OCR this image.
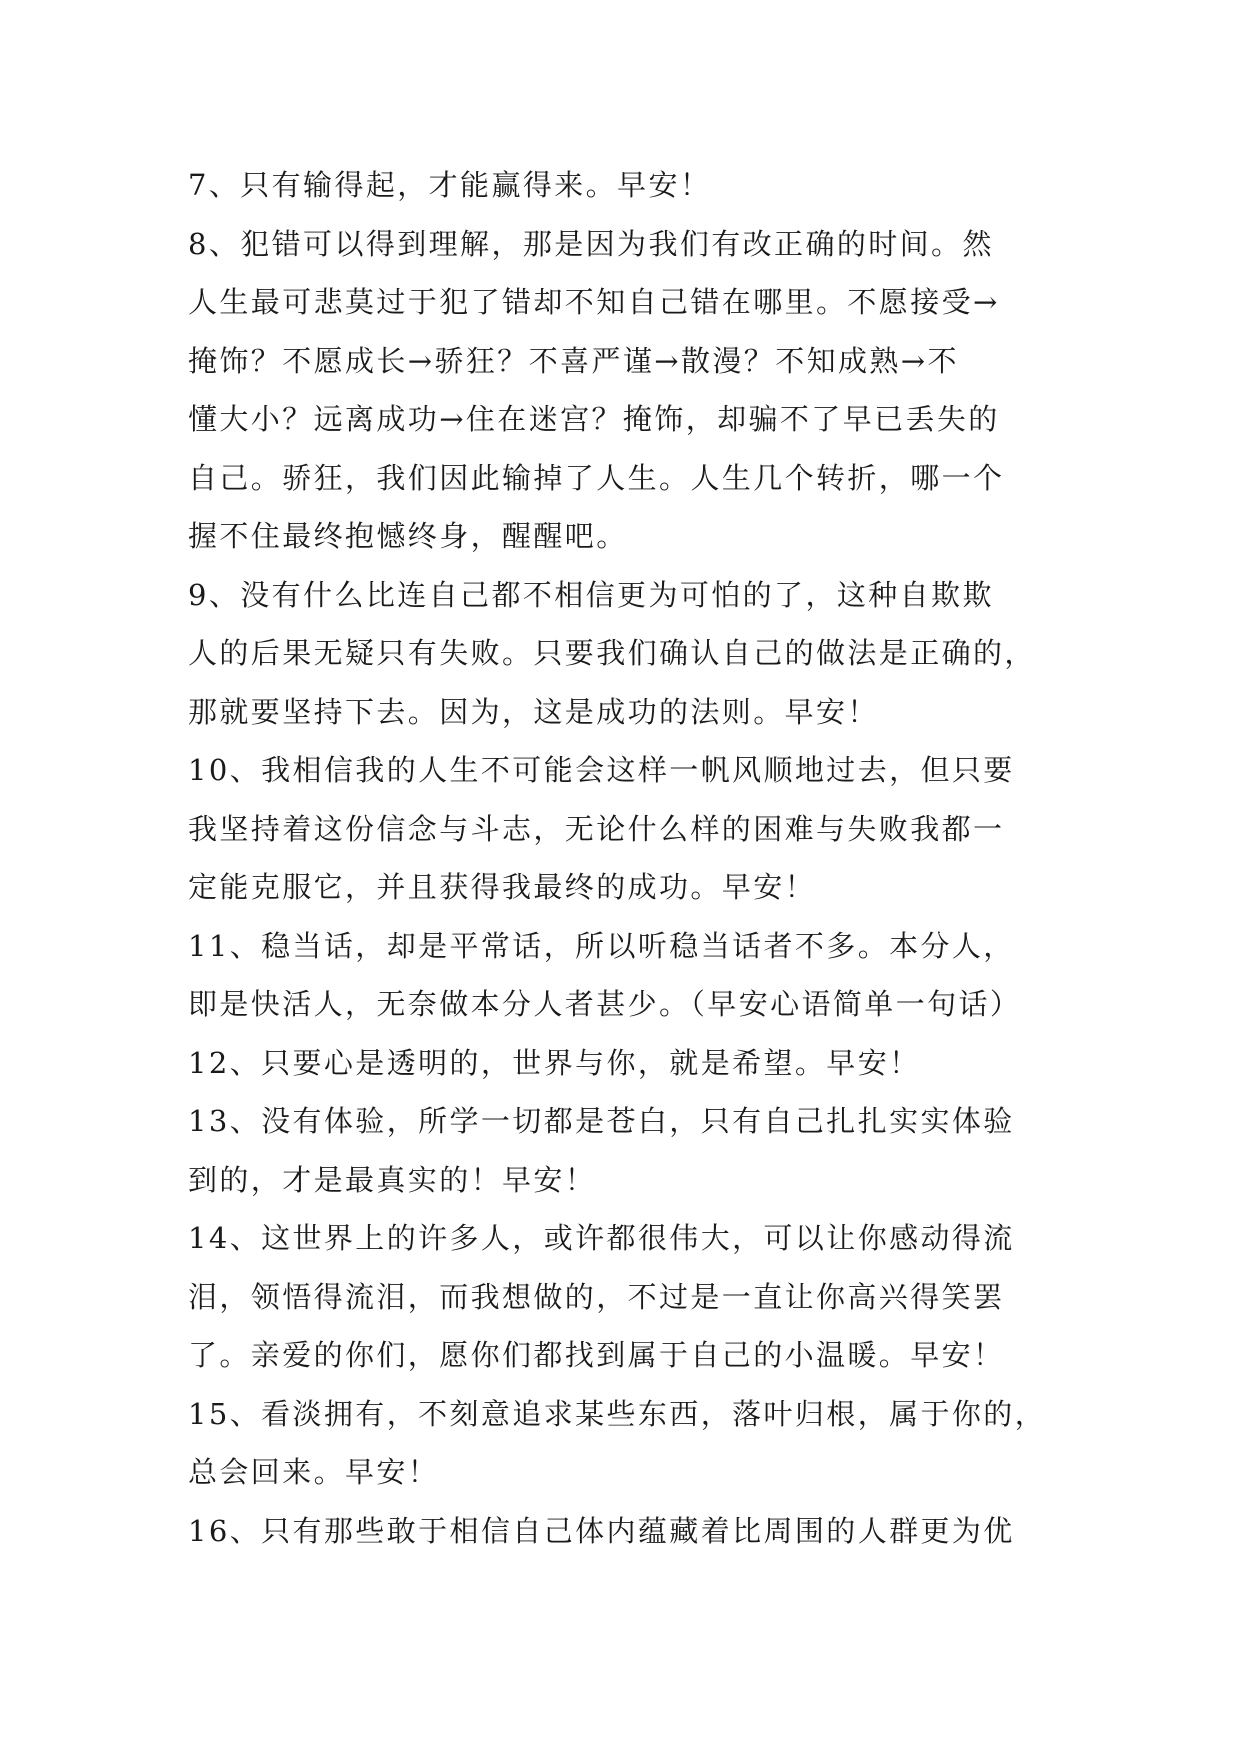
7、只有输得起，才能赢得来。早安！
8、犯错可以得到理解，那是因为我们有改正确的时间。然
人生最可悲莫过于犯了错却不知自己错在哪里。不愿接受→
掩饰？不愿成长→骄狂？不喜严谨→散漫？不知成熟→不
懂大小？远离成功→住在迷宫？掩饰，却骗不了早已丢失的
自己。骄狂，我们因此输掉了人生。人生几个转折，哪一个
握不住最终抱憾终身，醒醒吧。
9、没有什么比连自己都不相信更为可怕的了，这种自欺欺
人的后果无疑只有失败。只要我们确认自己的做法是正确的，
那就要坚持下去。因为，这是成功的法则。早安！
10、我相信我的人生不可能会这样一帆风顺地过去，但只要
我坚持着这份信念与斗志，无论什么样的困难与失败我都一
定能克服它，并且获得我最终的成功。早安！
11、稳当话，却是平常话，所以听稳当话者不多。本分人，
即是快活人，无奈做本分人者甚少。（早安心语简单一句话）
12、只要心是透明的，世界与你，就是希望。早安！
13、没有体验，所学一切都是苍白，只有自己扎扎实实体验
到的，才是最真实的！早安！
14、这世界上的许多人，或许都很伟大，可以让你感动得流
泪，领悟得流泪，而我想做的，不过是一直让你高兴得笑罢
了。亲爱的你们，愿你们都找到属于自己的小温暖。早安！
15、看淡拥有，不刻意追求某些东西，落叶归根，属于你的，
总会回来。早安！
16、只有那些敢于相信自己体内蕴藏着比周围的人群更为优
